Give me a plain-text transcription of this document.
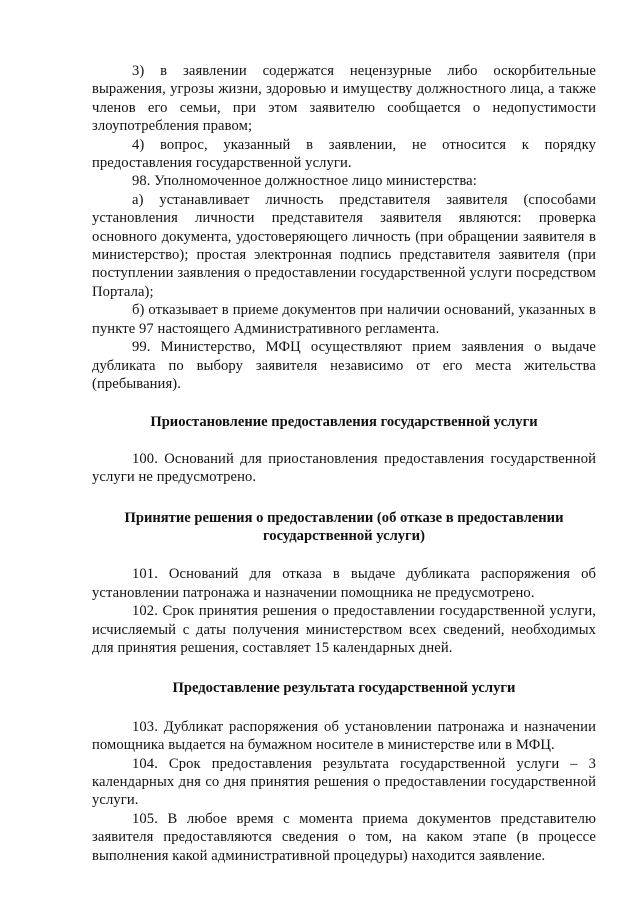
3) в заявлении содержатся нецензурные либо оскорбительные выражения, угрозы жизни, здоровью и имуществу должностного лица, а также членов его семьи, при этом заявителю сообщается о недопустимости злоупотребления правом;

4) вопрос, указанный в заявлении, не относится к порядку предоставления государственной услуги.

98. Уполномоченное должностное лицо министерства:

а) устанавливает личность представителя заявителя (способами установления личности представителя заявителя являются: проверка основного документа, удостоверяющего личность (при обращении заявителя в министерство); простая электронная подпись представителя заявителя (при поступлении заявления о предоставлении государственной услуги посредством Портала);

б) отказывает в приеме документов при наличии оснований, указанных в пункте 97 настоящего Административного регламента.

99. Министерство, МФЦ осуществляют прием заявления о выдаче дубликата по выбору заявителя независимо от его места жительства (пребывания).

Приостановление предоставления государственной услуги

100. Оснований для приостановления предоставления государственной услуги не предусмотрено.

Принятие решения о предоставлении (об отказе в предоставлении государственной услуги)

101. Оснований для отказа в выдаче дубликата распоряжения об установлении патронажа и назначении помощника не предусмотрено.

102. Срок принятия решения о предоставлении государственной услуги, исчисляемый с даты получения министерством всех сведений, необходимых для принятия решения, составляет 15 календарных дней.

Предоставление результата государственной услуги

103. Дубликат распоряжения об установлении патронажа и назначении помощника выдается на бумажном носителе в министерстве или в МФЦ.

104. Срок предоставления результата государственной услуги – 3 календарных дня со дня принятия решения о предоставлении государственной услуги.

105. В любое время с момента приема документов представителю заявителя предоставляются сведения о том, на каком этапе (в процессе выполнения какой административной процедуры) находится заявление.
